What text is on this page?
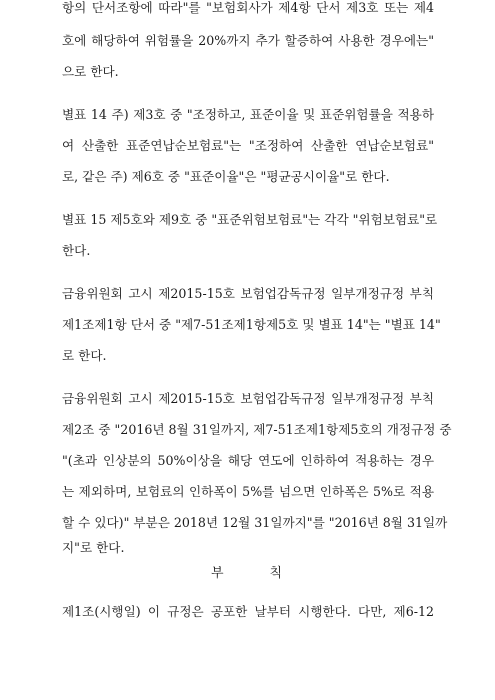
항의 단서조항에 따라"를 "보험회사가 제4항 단서 제3호 또는 제4
호에 해당하여 위험률을 20%까지 추가 할증하여 사용한 경우에는"
으로 한다.
별표 14 주) 제3호 중 "조정하고, 표준이율 및 표준위험률을 적용하
여 산출한 표준연납순보험료"는 "조정하여 산출한 연납순보험료"
로, 같은 주) 제6호 중 "표준이율"은 "평균공시이율"로 한다.
별표 15 제5호와 제9호 중 "표준위험보험료"는 각각 "위험보험료"로
한다.
금융위원회 고시 제2015-15호 보험업감독규정 일부개정규정 부칙
제1조제1항 단서 중 "제7-51조제1항제5호 및 별표 14"는 "별표 14"
로 한다.
금융위원회 고시 제2015-15호 보험업감독규정 일부개정규정 부칙
제2조 중 "2016년 8월 31일까지, 제7-51조제1항제5호의 개정규정 중
"(초과 인상분의 50%이상을 해당 연도에 인하하여 적용하는 경우
는 제외하며, 보험료의 인하폭이 5%를 넘으면 인하폭은 5%로 적용
할 수 있다)" 부분은 2018년 12월 31일까지"를 "2016년 8월 31일까
지"로 한다.
부	칙
제1조(시행일) 이 규정은 공포한 날부터 시행한다. 다만, 제6-12
